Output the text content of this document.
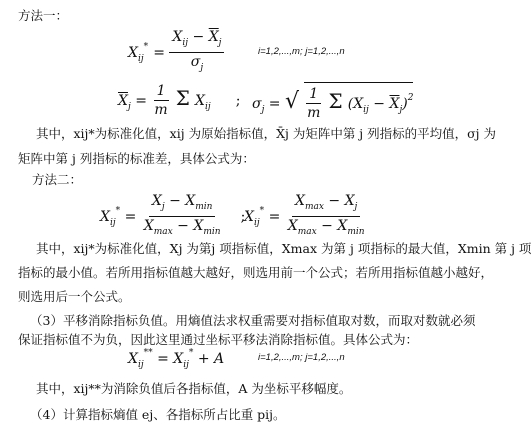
方法一：
$X_{ij}^* = \frac{X_{ij} - \overline{X}_j}{\sigma_j}$	i=1,2,...,m; j=1,2,...,n
$\overline{X}_j = \frac{1}{m}$ Σ $X_{ij}$ ; $\sigma_j$ = √ $\frac{1}{m}$ Σ $(X_{ij} - \overline{X}_j)^2$
其中，xij*为标准化值，xij 为原始指标值，X̄j 为矩阵中第 j 列指标的平均值，σj 为
矩阵中第 j 列指标的标准差，具体公式为：
方法二：
$X_{ij}^* = \frac{X_j - X_{min}}{X_{max} - X_{min}}$ ;
$X_{ij}^* = \frac{X_{max} - X_j}{X_{max} - X_{min}}$
其中，xij*为标准化值，Xj 为第j 项指标值，Xmax 为第 j 项指标的最大值，Xmin 第 j 项
指标的最小值。若所用指标值越大越好，则选用前一个公式；若所用指标值越小越好，
则选用后一个公式。
（3）平移消除指标负值。用熵值法求权重需要对指标值取对数，而取对数就必须
保证指标值不为负，因此这里通过坐标平移法消除指标值。具体公式为：
$X_{ij}^{**} = X_{ij}^* + A$	i=1,2,...,m; j=1,2,...,n
其中，xij**为消除负值后各指标值，A 为坐标平移幅度。
（4）计算指标熵值 ej、各指标所占比重 pij。
